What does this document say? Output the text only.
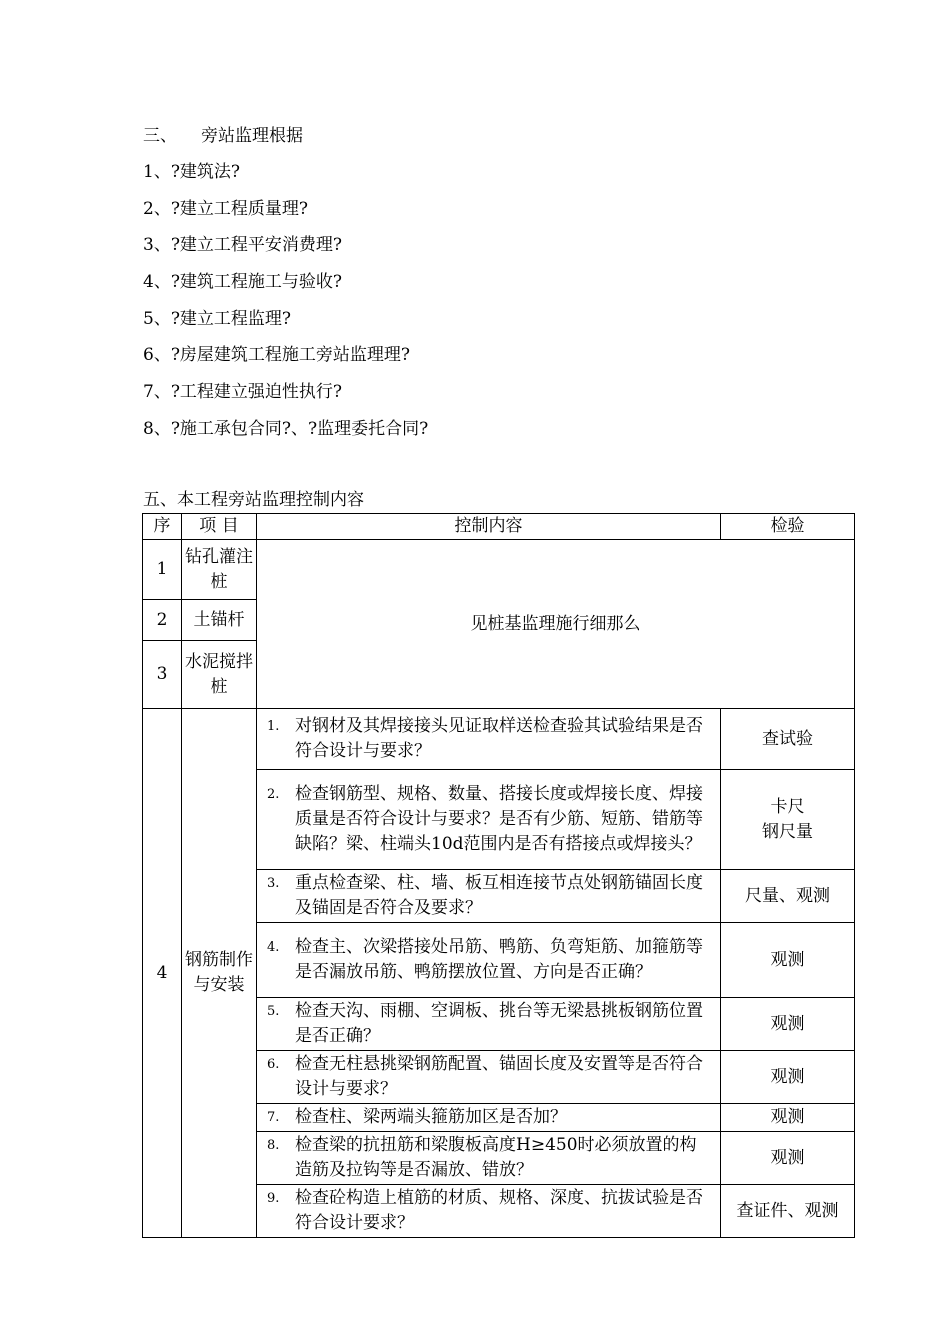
三、 旁站监理根据
1、?建筑法?
2、?建立工程质量理?
3、?建立工程平安消费理?
4、?建筑工程施工与验收?
5、?建立工程监理?
6、?房屋建筑工程施工旁站监理理?
7、?工程建立强迫性执行?
8、?施工承包合同?、?监理委托合同?
五、本工程旁站监理控制内容
序	项 目	控制内容	检验
1	钻孔灌注桩	见桩基监理施行细那么	
2	土锚杆		
3	水泥搅拌桩		
4	钢筋制作与安装	1. 对钢材及其焊接接头见证取样送检查验其试验结果是否符合设计与要求？	查试验

		2. 检查钢筋型、规格、数量、搭接长度或焊接长度、焊接质量是否符合设计与要求？是否有少筋、短筋、错筋等缺陷？梁、柱端头10d范围内是否有搭接点或焊接头？	卡尺
钢尺量

		3. 重点检查梁、柱、墙、板互相连接节点处钢筋锚固长度及锚固是否符合及要求？	尺量、观测

		4. 检查主、次梁搭接处吊筋、鸭筋、负弯矩筋、加箍筋等是否漏放吊筋、鸭筋摆放位置、方向是否正确？	观测

		5. 检查天沟、雨棚、空调板、挑台等无梁悬挑板钢筋位置是否正确？	观测

		6. 检查无柱悬挑梁钢筋配置、锚固长度及安置等是否符合设计与要求？	观测

		7. 检查柱、梁两端头箍筋加区是否加？	观测

		8. 检查梁的抗扭筋和梁腹板高度H≥450时必须放置的构造筋及拉钩等是否漏放、错放？	观测

		9. 检查砼构造上植筋的材质、规格、深度、抗拔试验是否符合设计要求？	查证件、观测
